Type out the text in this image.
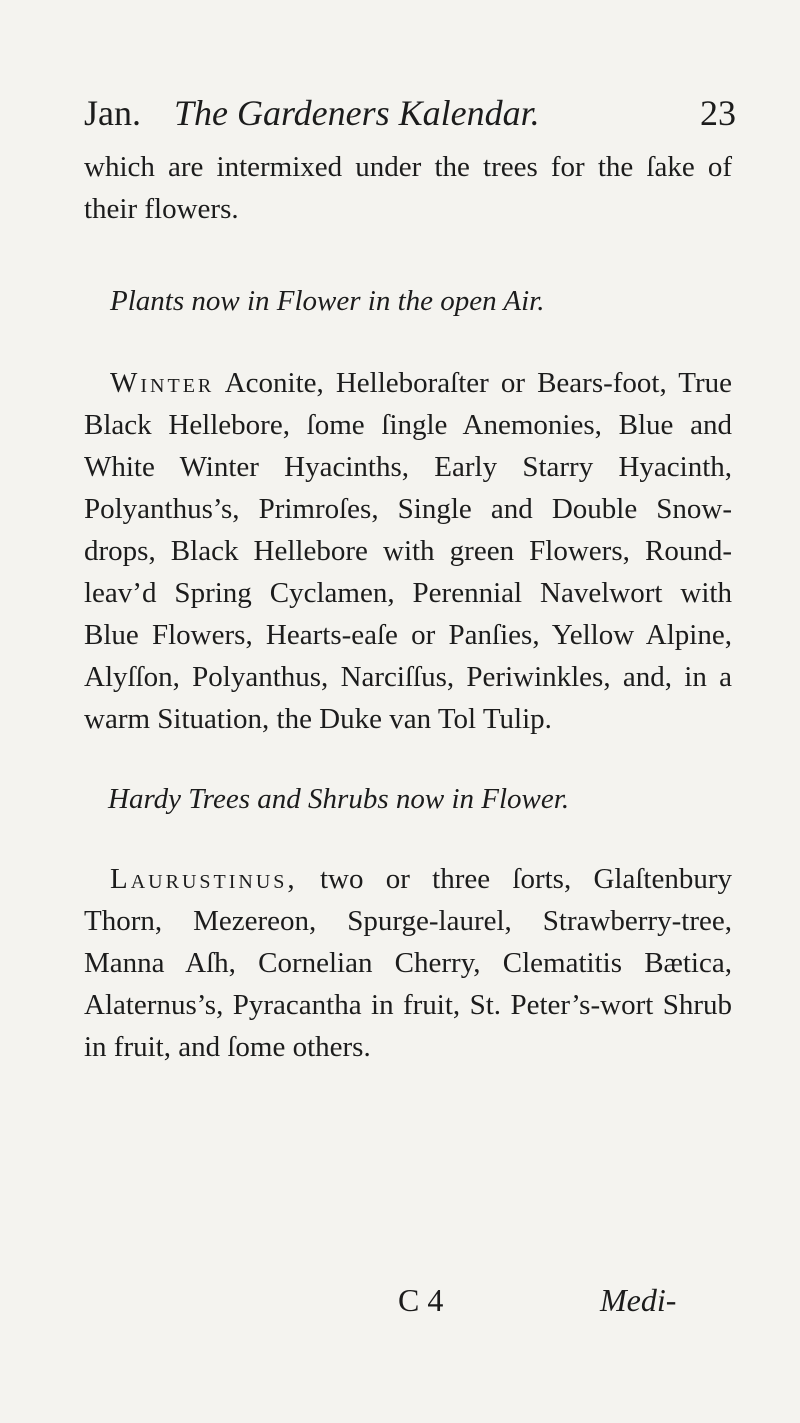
Jan. The Gardeners Kalendar.	23
which are intermixed under the trees for the ſake of their flowers.
Plants now in Flower in the open Air.
Winter Aconite, Helleboraſter or Bears-foot, True Black Hellebore, ſome ſingle Anemonies, Blue and White Winter Hyacinths, Early Starry Hyacinth, Polyanthus’s, Primroſes, Single and Double Snow-drops, Black Hellebore with green Flowers, Round-leav’d Spring Cyclamen, Perennial Navelwort with Blue Flowers, Hearts-eaſe or Panſies, Yellow Alpine, Alyſſon, Polyanthus, Narciſſus, Periwinkles, and, in a warm Situation, the Duke van Tol Tulip.
Hardy Trees and Shrubs now in Flower.
Laurustinus, two or three ſorts, Glaſtenbury Thorn, Mezereon, Spurge-laurel, Strawberry-tree, Manna Aſh, Cornelian Cherry, Clematitis Bætica, Alaternus’s, Pyracantha in fruit, St. Peter’s-wort Shrub in fruit, and ſome others.
C 4	Medi-
